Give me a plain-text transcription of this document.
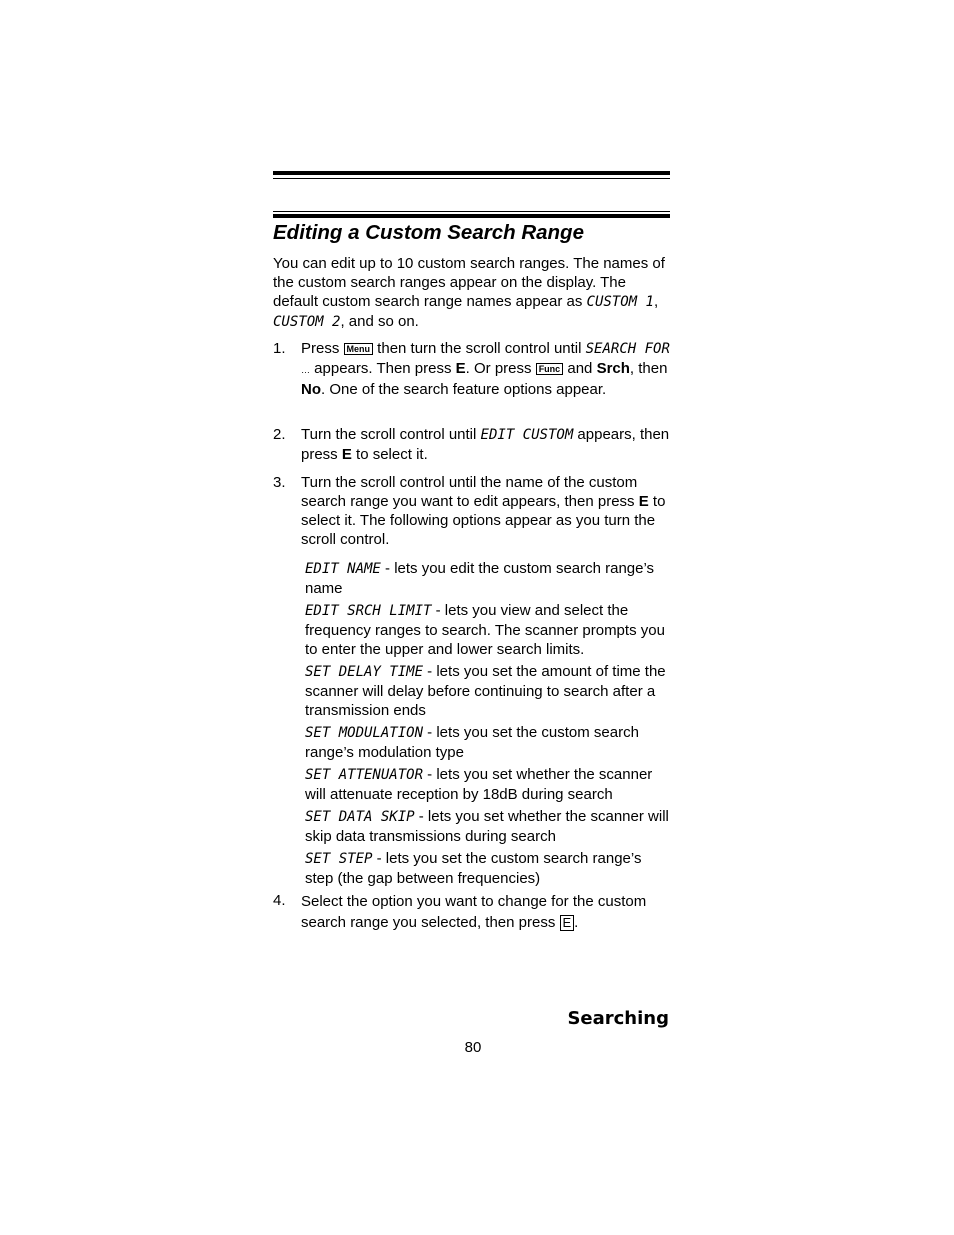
Editing a Custom Search Range
You can edit up to 10 custom search ranges. The names of the custom search ranges appear on the display. The default custom search range names appear as CUSTOM 1, CUSTOM 2, and so on.
1. Press Menu then turn the scroll control until SEARCH FOR … appears. Then press E. Or press Func and Srch, then No. One of the search feature options appear.
2. Turn the scroll control until EDIT CUSTOM appears, then press E to select it.
3. Turn the scroll control until the name of the custom search range you want to edit appears, then press E to select it. The following options appear as you turn the scroll control.
EDIT NAME - lets you edit the custom search range’s name
EDIT SRCH LIMIT - lets you view and select the frequency ranges to search. The scanner prompts you to enter the upper and lower search limits.
SET DELAY TIME - lets you set the amount of time the scanner will delay before continuing to search after a transmission ends
SET MODULATION - lets you set the custom search range’s modulation type
SET ATTENUATOR - lets you set whether the scanner will attenuate reception by 18dB during search
SET DATA SKIP - lets you set whether the scanner will skip data transmissions during search
SET STEP - lets you set the custom search range’s step (the gap between frequencies)
4. Select the option you want to change for the custom search range you selected, then press E .
Searching
80
